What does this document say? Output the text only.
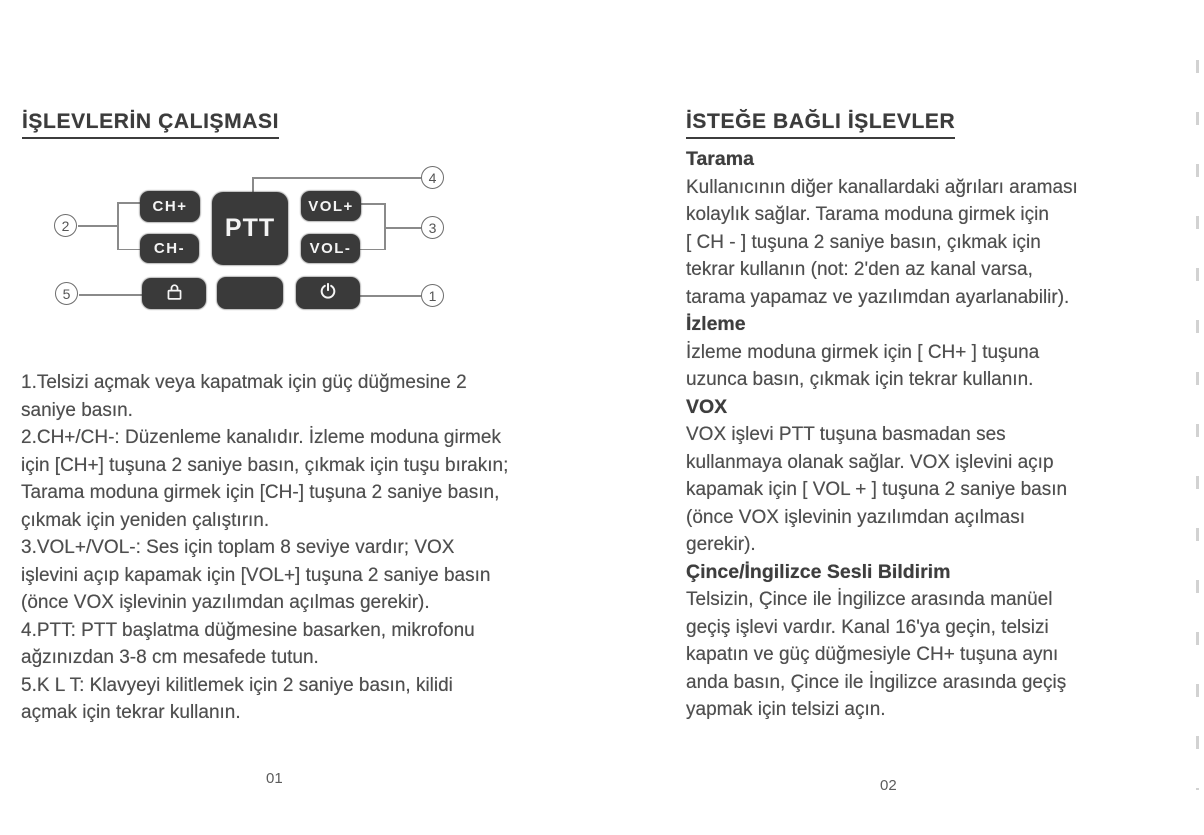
İŞLEVLERİN ÇALIŞMASI
CH+
CH-
PTT
VOL+
VOL-
2
5
4
3
1
1.Telsizi açmak veya kapatmak için güç düğmesine 2
saniye basın.
2.CH+/CH-: Düzenleme kanalıdır. İzleme moduna girmek
için [CH+] tuşuna 2 saniye basın, çıkmak için tuşu bırakın;
Tarama moduna girmek için [CH-] tuşuna 2 saniye basın,
çıkmak için yeniden çalıştırın.
3.VOL+/VOL-: Ses için toplam 8 seviye vardır; VOX
işlevini açıp kapamak için [VOL+] tuşuna 2 saniye basın
(önce VOX işlevinin yazılımdan açılmas gerekir).
4.PTT: PTT başlatma düğmesine basarken, mikrofonu
ağzınızdan 3-8 cm mesafede tutun.
5.K L T: Klavyeyi kilitlemek için 2 saniye basın, kilidi
açmak için tekrar kullanın.
01
İSTEĞE BAĞLI İŞLEVLER
Tarama
Kullanıcının diğer kanallardaki ağrıları araması
kolaylık sağlar. Tarama moduna girmek için
[ CH - ] tuşuna 2 saniye basın, çıkmak için
tekrar kullanın (not: 2'den az kanal varsa,
tarama yapamaz ve yazılımdan ayarlanabilir).
İzleme
İzleme moduna girmek için [ CH+ ] tuşuna
uzunca basın, çıkmak için tekrar kullanın.
VOX
VOX işlevi PTT tuşuna basmadan ses
kullanmaya olanak sağlar. VOX işlevini açıp
kapamak için [ VOL + ] tuşuna 2 saniye basın
(önce VOX işlevinin yazılımdan açılması
gerekir).
Çince/İngilizce Sesli Bildirim
Telsizin, Çince ile İngilizce arasında manüel
geçiş işlevi vardır. Kanal 16'ya geçin, telsizi
kapatın ve güç düğmesiyle CH+ tuşuna aynı
anda basın, Çince ile İngilizce arasında geçiş
yapmak için telsizi açın.
02
